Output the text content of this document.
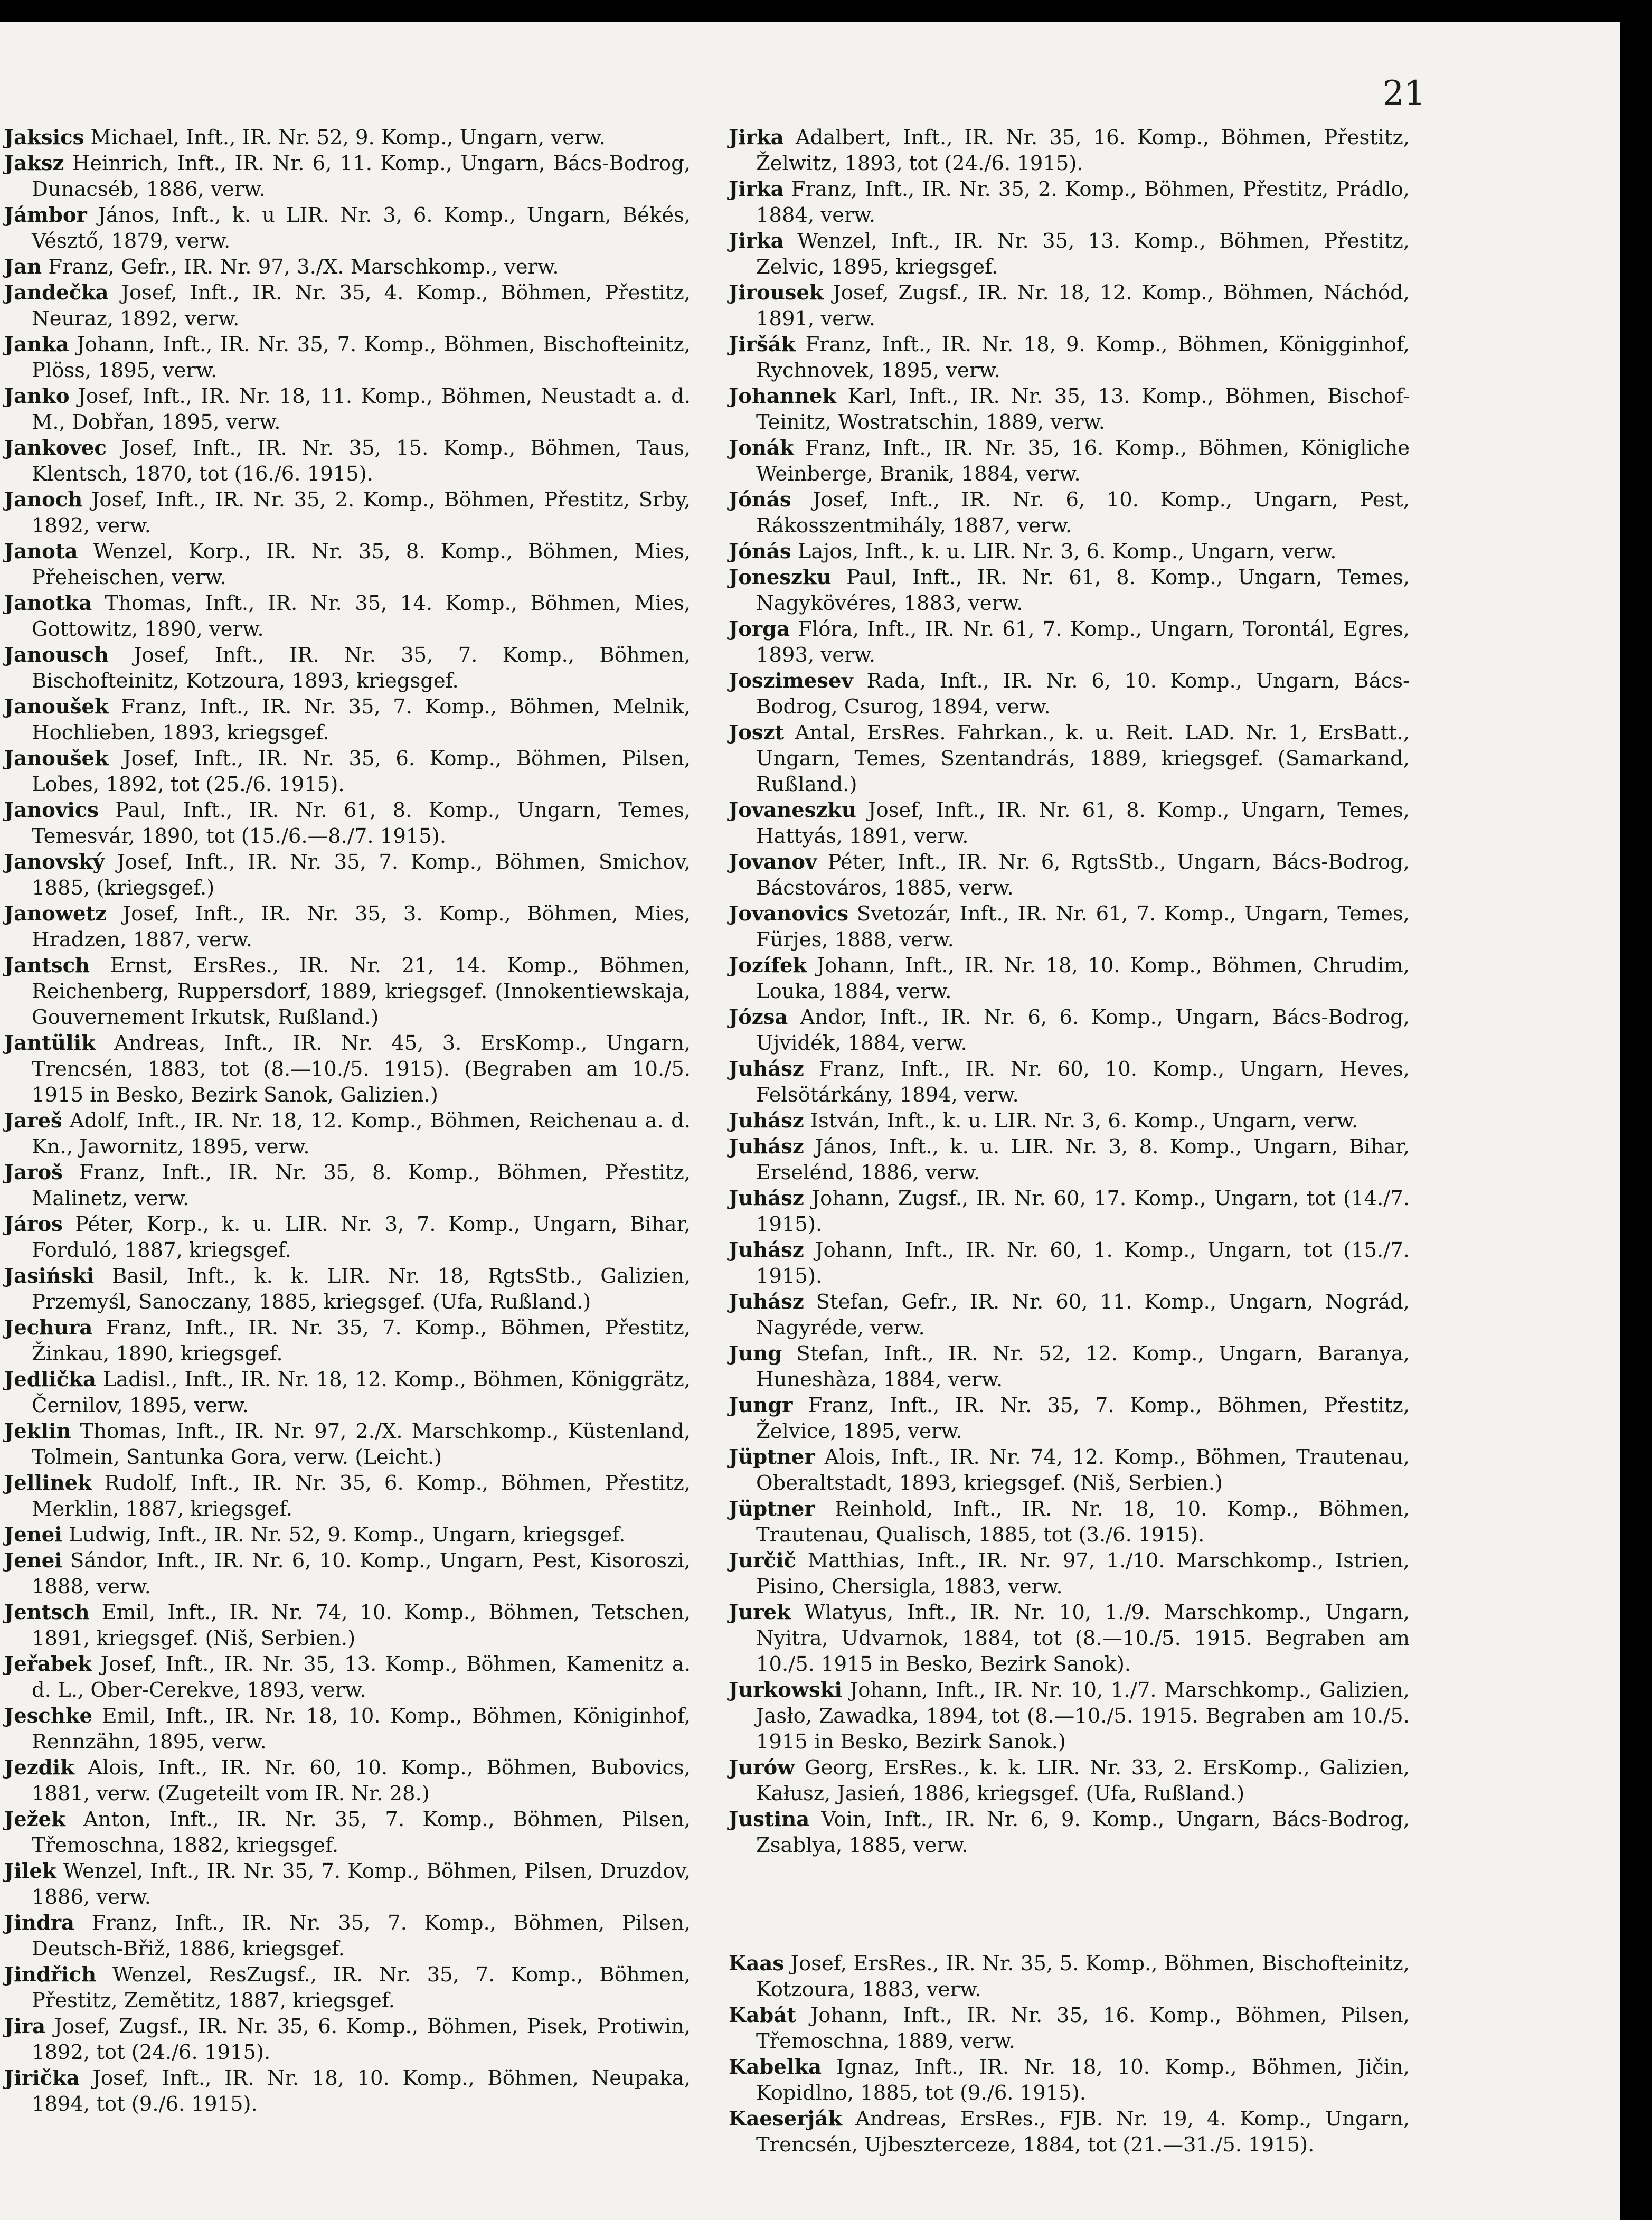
21

Jaksics Michael, Inft., IR. Nr. 52, 9. Komp., Ungarn, verw.

Jaksz Heinrich, Inft., IR. Nr. 6, 11. Komp., Ungarn, Bács-Bodrog, Dunacséb, 1886, verw.

Jámbor János, Inft., k. u LIR. Nr. 3, 6. Komp., Ungarn, Békés, Vésztő, 1879, verw.

Jan Franz, Gefr., IR. Nr. 97, 3./X. Marschkomp., verw.

Jandečka Josef, Inft., IR. Nr. 35, 4. Komp., Böhmen, Přestitz, Neuraz, 1892, verw.

Janka Johann, Inft., IR. Nr. 35, 7. Komp., Böhmen, Bischofteinitz, Plöss, 1895, verw.

Janko Josef, Inft., IR. Nr. 18, 11. Komp., Böhmen, Neustadt a. d. M., Dobřan, 1895, verw.

Jankovec Josef, Inft., IR. Nr. 35, 15. Komp., Böhmen, Taus, Klentsch, 1870, tot (16./6. 1915).

Janoch Josef, Inft., IR. Nr. 35, 2. Komp., Böhmen, Přestitz, Srby, 1892, verw.

Janota Wenzel, Korp., IR. Nr. 35, 8. Komp., Böhmen, Mies, Přeheischen, verw.

Janotka Thomas, Inft., IR. Nr. 35, 14. Komp., Böhmen, Mies, Gottowitz, 1890, verw.

Janousch Josef, Inft., IR. Nr. 35, 7. Komp., Böhmen, Bischofteinitz, Kotzoura, 1893, kriegsgef.

Janoušek Franz, Inft., IR. Nr. 35, 7. Komp., Böhmen, Melnik, Hochlieben, 1893, kriegsgef.

Janoušek Josef, Inft., IR. Nr. 35, 6. Komp., Böhmen, Pilsen, Lobes, 1892, tot (25./6. 1915).

Janovics Paul, Inft., IR. Nr. 61, 8. Komp., Ungarn, Temes, Temesvár, 1890, tot (15./6.—8./7. 1915).

Janovský Josef, Inft., IR. Nr. 35, 7. Komp., Böhmen, Smichov, 1885, (kriegsgef.)

Janowetz Josef, Inft., IR. Nr. 35, 3. Komp., Böhmen, Mies, Hradzen, 1887, verw.

Jantsch Ernst, ErsRes., IR. Nr. 21, 14. Komp., Böhmen, Reichenberg, Ruppersdorf, 1889, kriegsgef. (Innokentiewskaja, Gouvernement Irkutsk, Rußland.)

Jantülik Andreas, Inft., IR. Nr. 45, 3. ErsKomp., Ungarn, Trencsén, 1883, tot (8.—10./5. 1915). (Begraben am 10./5. 1915 in Besko, Bezirk Sanok, Galizien.)

Jareš Adolf, Inft., IR. Nr. 18, 12. Komp., Böhmen, Reichenau a. d. Kn., Jawornitz, 1895, verw.

Jaroš Franz, Inft., IR. Nr. 35, 8. Komp., Böhmen, Přestitz, Malinetz, verw.

Járos Péter, Korp., k. u. LIR. Nr. 3, 7. Komp., Ungarn, Bihar, Forduló, 1887, kriegsgef.

Jasiński Basil, Inft., k. k. LIR. Nr. 18, RgtsStb., Galizien, Przemyśl, Sanoczany, 1885, kriegsgef. (Ufa, Rußland.)

Jechura Franz, Inft., IR. Nr. 35, 7. Komp., Böhmen, Přestitz, Žinkau, 1890, kriegsgef.

Jedlička Ladisl., Inft., IR. Nr. 18, 12. Komp., Böhmen, Königgrätz, Černilov, 1895, verw.

Jeklin Thomas, Inft., IR. Nr. 97, 2./X. Marschkomp., Küstenland, Tolmein, Santunka Gora, verw. (Leicht.)

Jellinek Rudolf, Inft., IR. Nr. 35, 6. Komp., Böhmen, Přestitz, Merklin, 1887, kriegsgef.

Jenei Ludwig, Inft., IR. Nr. 52, 9. Komp., Ungarn, kriegsgef.

Jenei Sándor, Inft., IR. Nr. 6, 10. Komp., Ungarn, Pest, Kisoroszi, 1888, verw.

Jentsch Emil, Inft., IR. Nr. 74, 10. Komp., Böhmen, Tetschen, 1891, kriegsgef. (Niš, Serbien.)

Jeřabek Josef, Inft., IR. Nr. 35, 13. Komp., Böhmen, Kamenitz a. d. L., Ober-Cerekve, 1893, verw.

Jeschke Emil, Inft., IR. Nr. 18, 10. Komp., Böhmen, Königinhof, Rennzähn, 1895, verw.

Jezdik Alois, Inft., IR. Nr. 60, 10. Komp., Böhmen, Bubovics, 1881, verw. (Zugeteilt vom IR. Nr. 28.)

Ježek Anton, Inft., IR. Nr. 35, 7. Komp., Böhmen, Pilsen, Třemoschna, 1882, kriegsgef.

Jilek Wenzel, Inft., IR. Nr. 35, 7. Komp., Böhmen, Pilsen, Druzdov, 1886, verw.

Jindra Franz, Inft., IR. Nr. 35, 7. Komp., Böhmen, Pilsen, Deutsch-Břiž, 1886, kriegsgef.

Jindřich Wenzel, ResZugsf., IR. Nr. 35, 7. Komp., Böhmen, Přestitz, Zemětitz, 1887, kriegsgef.

Jira Josef, Zugsf., IR. Nr. 35, 6. Komp., Böhmen, Pisek, Protiwin, 1892, tot (24./6. 1915).

Jirička Josef, Inft., IR. Nr. 18, 10. Komp., Böhmen, Neupaka, 1894, tot (9./6. 1915).

Jirka Adalbert, Inft., IR. Nr. 35, 16. Komp., Böhmen, Přestitz, Želwitz, 1893, tot (24./6. 1915).

Jirka Franz, Inft., IR. Nr. 35, 2. Komp., Böhmen, Přestitz, Prádlo, 1884, verw.

Jirka Wenzel, Inft., IR. Nr. 35, 13. Komp., Böhmen, Přestitz, Zelvic, 1895, kriegsgef.

Jirousek Josef, Zugsf., IR. Nr. 18, 12. Komp., Böhmen, Náchód, 1891, verw.

Jiršák Franz, Inft., IR. Nr. 18, 9. Komp., Böhmen, Königginhof, Rychnovek, 1895, verw.

Johannek Karl, Inft., IR. Nr. 35, 13. Komp., Böhmen, Bischof-Teinitz, Wostratschin, 1889, verw.

Jonák Franz, Inft., IR. Nr. 35, 16. Komp., Böhmen, Königliche Weinberge, Branik, 1884, verw.

Jónás Josef, Inft., IR. Nr. 6, 10. Komp., Ungarn, Pest, Rákosszentmihály, 1887, verw.

Jónás Lajos, Inft., k. u. LIR. Nr. 3, 6. Komp., Ungarn, verw.

Joneszku Paul, Inft., IR. Nr. 61, 8. Komp., Ungarn, Temes, Nagykövéres, 1883, verw.

Jorga Flóra, Inft., IR. Nr. 61, 7. Komp., Ungarn, Torontál, Egres, 1893, verw.

Joszimesev Rada, Inft., IR. Nr. 6, 10. Komp., Ungarn, Bács-Bodrog, Csurog, 1894, verw.

Joszt Antal, ErsRes. Fahrkan., k. u. Reit. LAD. Nr. 1, ErsBatt., Ungarn, Temes, Szentandrás, 1889, kriegsgef. (Samarkand, Rußland.)

Jovaneszku Josef, Inft., IR. Nr. 61, 8. Komp., Ungarn, Temes, Hattyás, 1891, verw.

Jovanov Péter, Inft., IR. Nr. 6, RgtsStb., Ungarn, Bács-Bodrog, Bácstováros, 1885, verw.

Jovanovics Svetozár, Inft., IR. Nr. 61, 7. Komp., Ungarn, Temes, Fürjes, 1888, verw.

Jozífek Johann, Inft., IR. Nr. 18, 10. Komp., Böhmen, Chrudim, Louka, 1884, verw.

Józsa Andor, Inft., IR. Nr. 6, 6. Komp., Ungarn, Bács-Bodrog, Ujvidék, 1884, verw.

Juhász Franz, Inft., IR. Nr. 60, 10. Komp., Ungarn, Heves, Felsötárkány, 1894, verw.

Juhász István, Inft., k. u. LIR. Nr. 3, 6. Komp., Ungarn, verw.

Juhász János, Inft., k. u. LIR. Nr. 3, 8. Komp., Ungarn, Bihar, Erselénd, 1886, verw.

Juhász Johann, Zugsf., IR. Nr. 60, 17. Komp., Ungarn, tot (14./7. 1915).

Juhász Johann, Inft., IR. Nr. 60, 1. Komp., Ungarn, tot (15./7. 1915).

Juhász Stefan, Gefr., IR. Nr. 60, 11. Komp., Ungarn, Nográd, Nagyréde, verw.

Jung Stefan, Inft., IR. Nr. 52, 12. Komp., Ungarn, Baranya, Huneshàza, 1884, verw.

Jungr Franz, Inft., IR. Nr. 35, 7. Komp., Böhmen, Přestitz, Želvice, 1895, verw.

Jüptner Alois, Inft., IR. Nr. 74, 12. Komp., Böhmen, Trautenau, Oberaltstadt, 1893, kriegsgef. (Niš, Serbien.)

Jüptner Reinhold, Inft., IR. Nr. 18, 10. Komp., Böhmen, Trautenau, Qualisch, 1885, tot (3./6. 1915).

Jurčič Matthias, Inft., IR. Nr. 97, 1./10. Marschkomp., Istrien, Pisino, Chersigla, 1883, verw.

Jurek Wlatyus, Inft., IR. Nr. 10, 1./9. Marschkomp., Ungarn, Nyitra, Udvarnok, 1884, tot (8.—10./5. 1915. Begraben am 10./5. 1915 in Besko, Bezirk Sanok).

Jurkowski Johann, Inft., IR. Nr. 10, 1./7. Marschkomp., Galizien, Jasło, Zawadka, 1894, tot (8.—10./5. 1915. Begraben am 10./5. 1915 in Besko, Bezirk Sanok.)

Jurów Georg, ErsRes., k. k. LIR. Nr. 33, 2. ErsKomp., Galizien, Kałusz, Jasień, 1886, kriegsgef. (Ufa, Rußland.)

Justina Voin, Inft., IR. Nr. 6, 9. Komp., Ungarn, Bács-Bodrog, Zsablya, 1885, verw.

Kaas Josef, ErsRes., IR. Nr. 35, 5. Komp., Böhmen, Bischofteinitz, Kotzoura, 1883, verw.

Kabát Johann, Inft., IR. Nr. 35, 16. Komp., Böhmen, Pilsen, Třemoschna, 1889, verw.

Kabelka Ignaz, Inft., IR. Nr. 18, 10. Komp., Böhmen, Jičin, Kopidlno, 1885, tot (9./6. 1915).

Kaeserják Andreas, ErsRes., FJB. Nr. 19, 4. Komp., Ungarn, Trencsén, Ujbeszterceze, 1884, tot (21.—31./5. 1915).
